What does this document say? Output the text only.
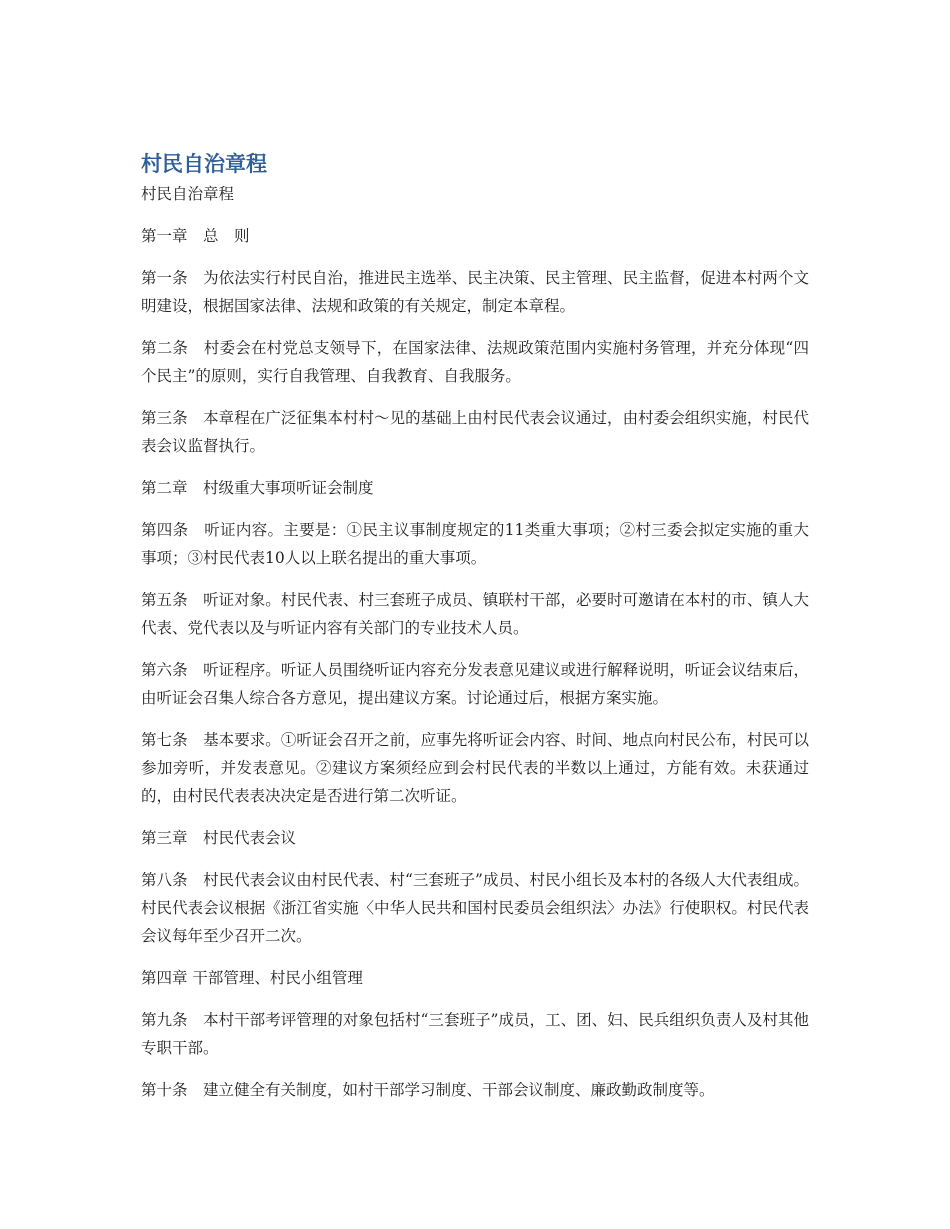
村民自治章程

村民自治章程

第一章　总　则

第一条　为依法实行村民自治，推进民主选举、民主决策、民主管理、民主监督，促进本村两个文明建设，根据国家法律、法规和政策的有关规定，制定本章程。

第二条　村委会在村党总支领导下，在国家法律、法规政策范围内实施村务管理，并充分体现“四个民主”的原则，实行自我管理、自我教育、自我服务。

第三条　本章程在广泛征集本村村～见的基础上由村民代表会议通过，由村委会组织实施，村民代表会议监督执行。

第二章　村级重大事项听证会制度

第四条　听证内容。主要是：①民主议事制度规定的11类重大事项；②村三委会拟定实施的重大事项；③村民代表10人以上联名提出的重大事项。

第五条　听证对象。村民代表、村三套班子成员、镇联村干部，必要时可邀请在本村的市、镇人大代表、党代表以及与听证内容有关部门的专业技术人员。

第六条　听证程序。听证人员围绕听证内容充分发表意见建议或进行解释说明，听证会议结束后，由听证会召集人综合各方意见，提出建议方案。讨论通过后，根据方案实施。

第七条　基本要求。①听证会召开之前，应事先将听证会内容、时间、地点向村民公布，村民可以参加旁听，并发表意见。②建议方案须经应到会村民代表的半数以上通过，方能有效。未获通过的，由村民代表表决决定是否进行第二次听证。

第三章　村民代表会议

第八条　村民代表会议由村民代表、村“三套班子”成员、村民小组长及本村的各级人大代表组成。村民代表会议根据《浙江省实施〈中华人民共和国村民委员会组织法〉办法》行使职权。村民代表会议每年至少召开二次。

第四章 干部管理、村民小组管理

第九条　本村干部考评管理的对象包括村“三套班子”成员，工、团、妇、民兵组织负责人及村其他专职干部。

第十条　建立健全有关制度，如村干部学习制度、干部会议制度、廉政勤政制度等。
